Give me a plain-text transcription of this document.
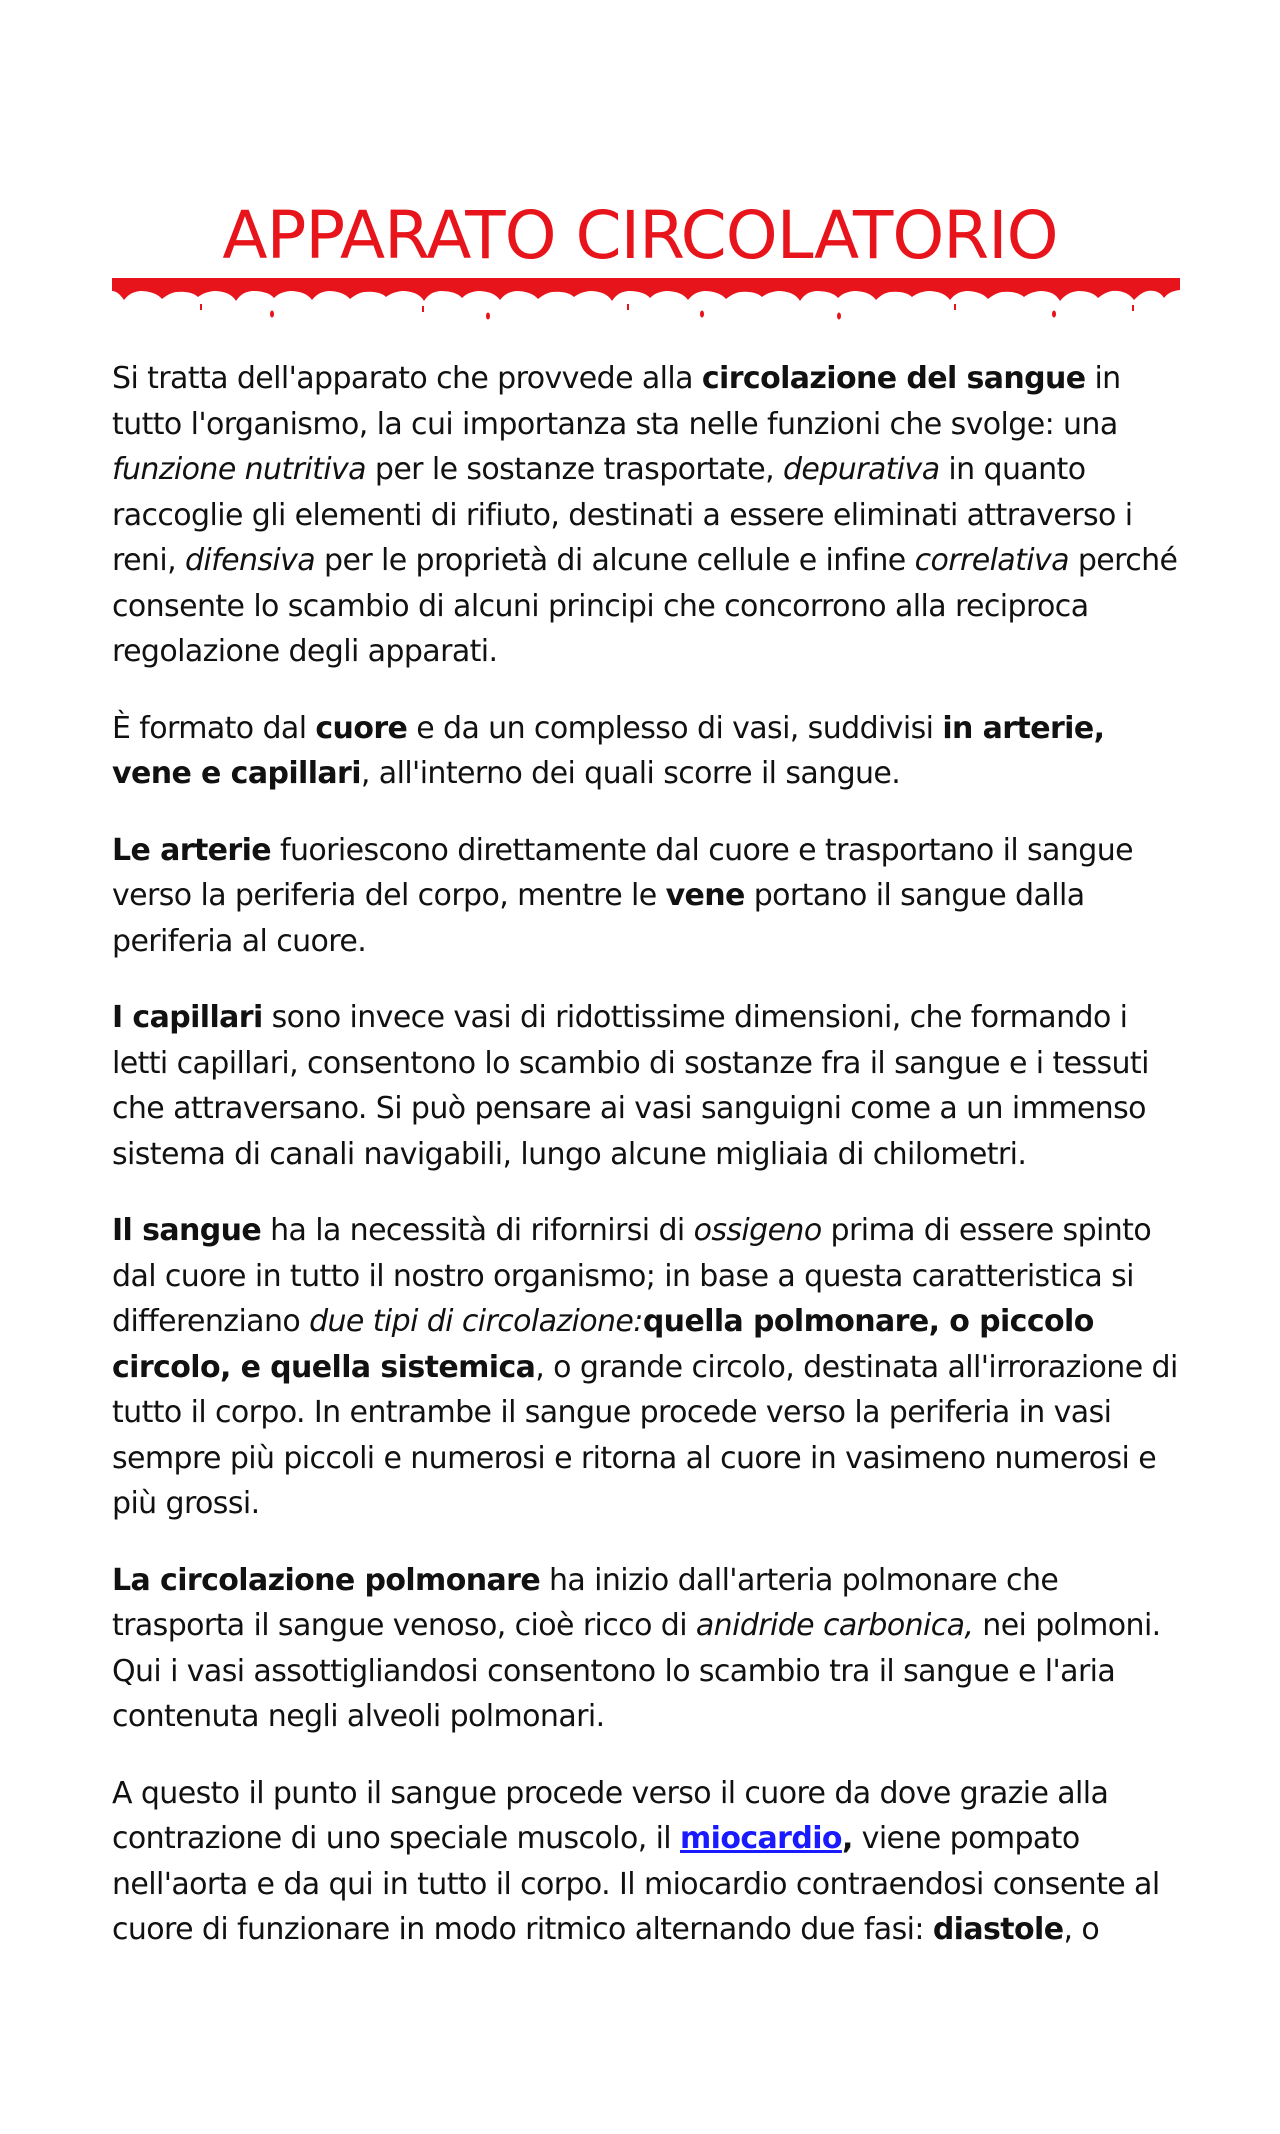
APPARATO CIRCOLATORIO

Si tratta dell'apparato che provvede alla circolazione del sangue in tutto l'organismo, la cui importanza sta nelle funzioni che svolge: una funzione nutritiva per le sostanze trasportate, depurativa in quanto raccoglie gli elementi di rifiuto, destinati a essere eliminati attraverso i reni, difensiva per le proprietà di alcune cellule e infine correlativa perché consente lo scambio di alcuni principi che concorrono alla reciproca regolazione degli apparati.

È formato dal cuore e da un complesso di vasi, suddivisi in arterie, vene e capillari, all'interno dei quali scorre il sangue.

Le arterie fuoriescono direttamente dal cuore e trasportano il sangue verso la periferia del corpo, mentre le vene portano il sangue dalla periferia al cuore.

I capillari sono invece vasi di ridottissime dimensioni, che formando i letti capillari, consentono lo scambio di sostanze fra il sangue e i tessuti che attraversano. Si può pensare ai vasi sanguigni come a un immenso sistema di canali navigabili, lungo alcune migliaia di chilometri.

Il sangue ha la necessità di rifornirsi di ossigeno prima di essere spinto dal cuore in tutto il nostro organismo; in base a questa caratteristica si differenziano due tipi di circolazione:quella polmonare, o piccolo circolo, e quella sistemica, o grande circolo, destinata all'irrorazione di tutto il corpo. In entrambe il sangue procede verso la periferia in vasi sempre più piccoli e numerosi e ritorna al cuore in vasimeno numerosi e più grossi.

La circolazione polmonare ha inizio dall'arteria polmonare che trasporta il sangue venoso, cioè ricco di anidride carbonica, nei polmoni. Qui i vasi assottigliandosi consentono lo scambio tra il sangue e l'aria contenuta negli alveoli polmonari.

A questo il punto il sangue procede verso il cuore da dove grazie alla contrazione di uno speciale muscolo, il miocardio, viene pompato nell'aorta e da qui in tutto il corpo. Il miocardio contraendosi consente al cuore di funzionare in modo ritmico alternando due fasi: diastole, o
